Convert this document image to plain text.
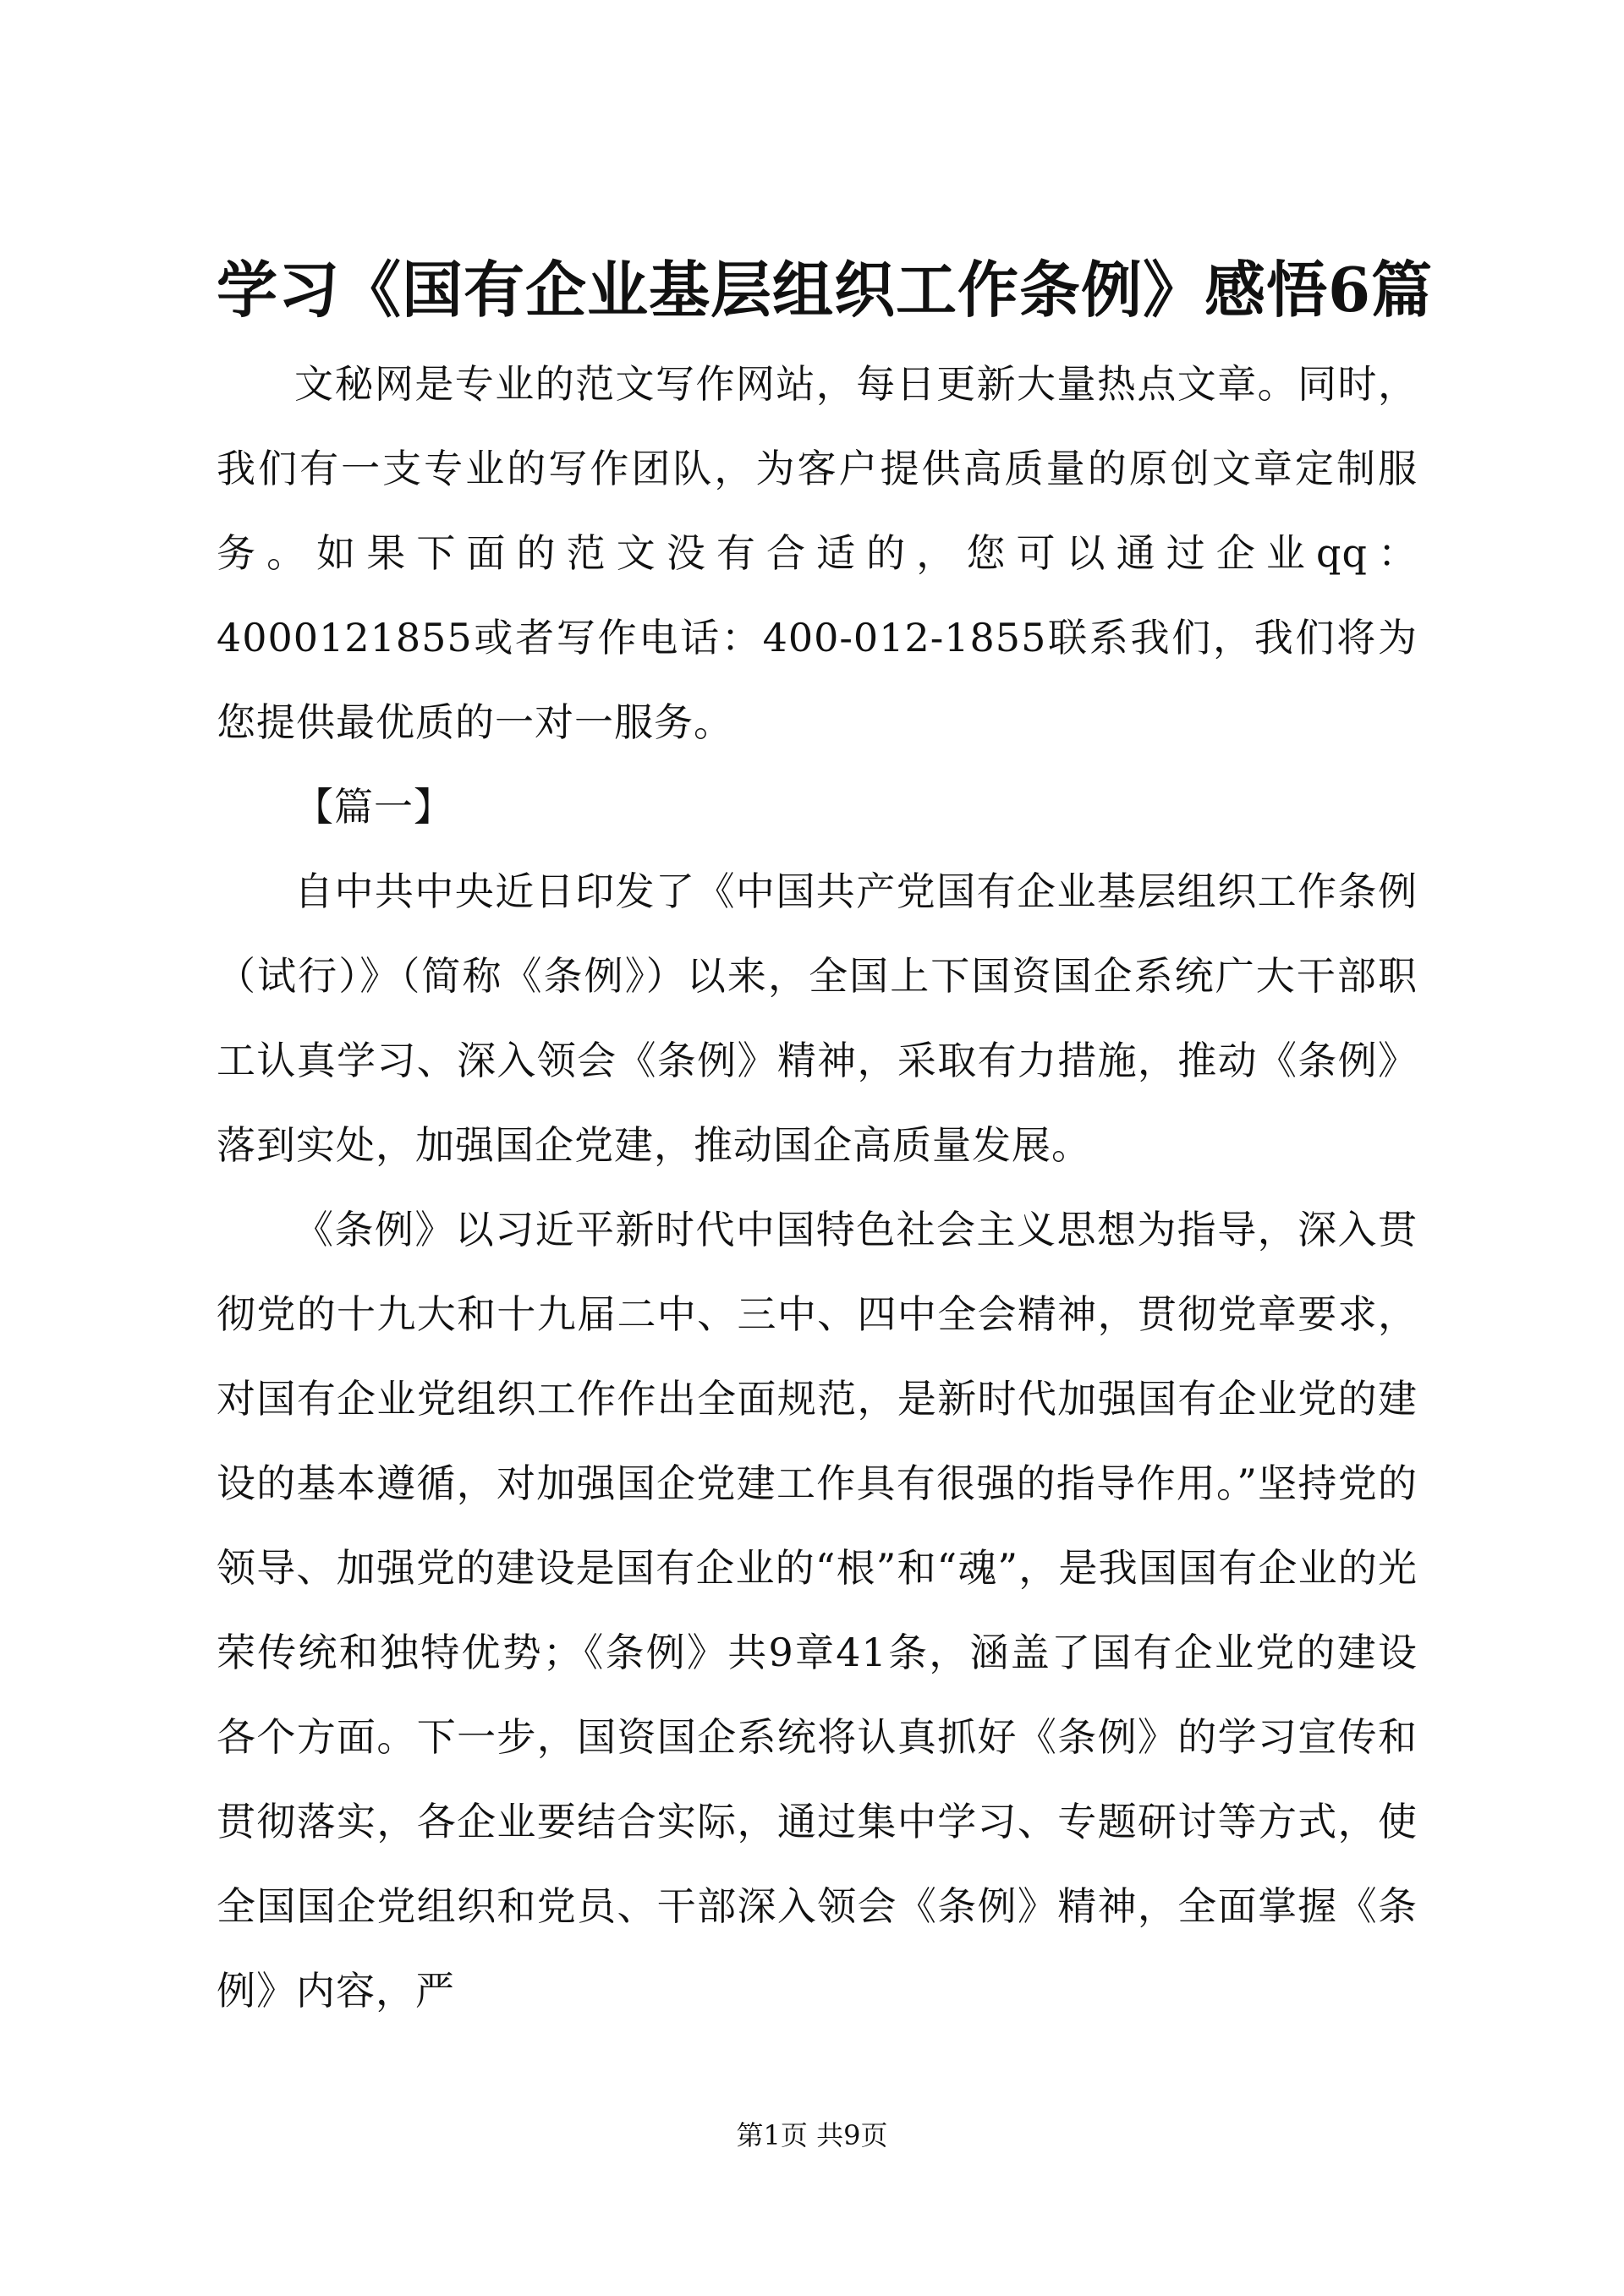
学习《国有企业基层组织工作条例》感悟6篇

文秘网是专业的范文写作网站，每日更新大量热点文章。同时，我们有一支专业的写作团队，为客户提供高质量的原创文章定制服务。如果下面的范文没有合适的，您可以通过企业qq：4000121855或者写作电话：400-012-1855联系我们，我们将为您提供最优质的一对一服务。

【篇一】

自中共中央近日印发了《中国共产党国有企业基层组织工作条例（试行）》（简称《条例》）以来，全国上下国资国企系统广大干部职工认真学习、深入领会《条例》精神，采取有力措施，推动《条例》落到实处，加强国企党建，推动国企高质量发展。

《条例》以习近平新时代中国特色社会主义思想为指导，深入贯彻党的十九大和十九届二中、三中、四中全会精神，贯彻党章要求，对国有企业党组织工作作出全面规范，是新时代加强国有企业党的建设的基本遵循，对加强国企党建工作具有很强的指导作用。”坚持党的领导、加强党的建设是国有企业的“根”和“魂”，是我国国有企业的光荣传统和独特优势；《条例》共9章41条，涵盖了国有企业党的建设各个方面。下一步，国资国企系统将认真抓好《条例》的学习宣传和贯彻落实，各企业要结合实际，通过集中学习、专题研讨等方式，使全国国企党组织和党员、干部深入领会《条例》精神，全面掌握《条例》内容，严

第1页 共9页
